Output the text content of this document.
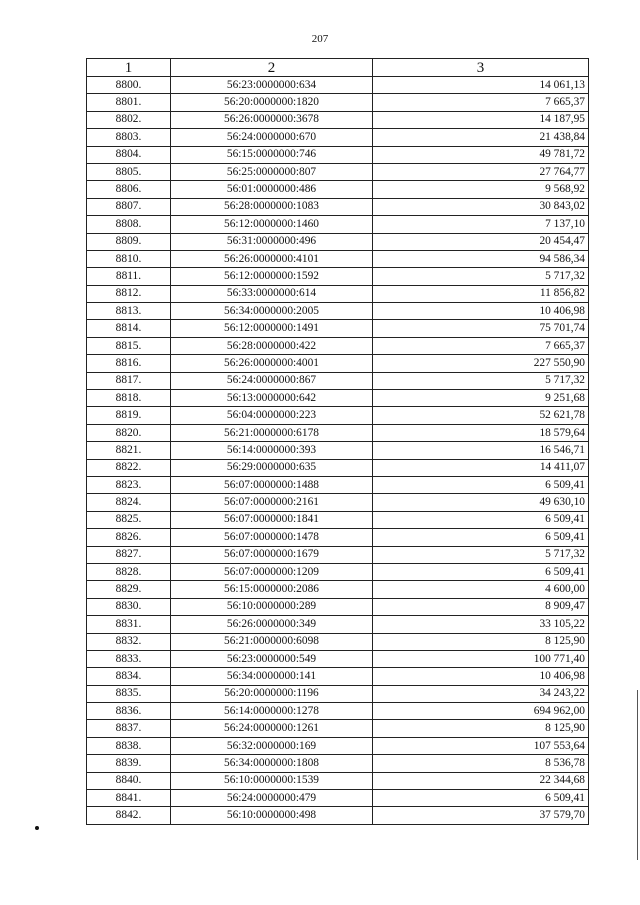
207
1	2	3
8800.	56:23:0000000:634	14 061,13
8801.	56:20:0000000:1820	7 665,37
8802.	56:26:0000000:3678	14 187,95
8803.	56:24:0000000:670	21 438,84
8804.	56:15:0000000:746	49 781,72
8805.	56:25:0000000:807	27 764,77
8806.	56:01:0000000:486	9 568,92
8807.	56:28:0000000:1083	30 843,02
8808.	56:12:0000000:1460	7 137,10
8809.	56:31:0000000:496	20 454,47
8810.	56:26:0000000:4101	94 586,34
8811.	56:12:0000000:1592	5 717,32
8812.	56:33:0000000:614	11 856,82
8813.	56:34:0000000:2005	10 406,98
8814.	56:12:0000000:1491	75 701,74
8815.	56:28:0000000:422	7 665,37
8816.	56:26:0000000:4001	227 550,90
8817.	56:24:0000000:867	5 717,32
8818.	56:13:0000000:642	9 251,68
8819.	56:04:0000000:223	52 621,78
8820.	56:21:0000000:6178	18 579,64
8821.	56:14:0000000:393	16 546,71
8822.	56:29:0000000:635	14 411,07
8823.	56:07:0000000:1488	6 509,41
8824.	56:07:0000000:2161	49 630,10
8825.	56:07:0000000:1841	6 509,41
8826.	56:07:0000000:1478	6 509,41
8827.	56:07:0000000:1679	5 717,32
8828.	56:07:0000000:1209	6 509,41
8829.	56:15:0000000:2086	4 600,00
8830.	56:10:0000000:289	8 909,47
8831.	56:26:0000000:349	33 105,22
8832.	56:21:0000000:6098	8 125,90
8833.	56:23:0000000:549	100 771,40
8834.	56:34:0000000:141	10 406,98
8835.	56:20:0000000:1196	34 243,22
8836.	56:14:0000000:1278	694 962,00
8837.	56:24:0000000:1261	8 125,90
8838.	56:32:0000000:169	107 553,64
8839.	56:34:0000000:1808	8 536,78
8840.	56:10:0000000:1539	22 344,68
8841.	56:24:0000000:479	6 509,41
8842.	56:10:0000000:498	37 579,70
